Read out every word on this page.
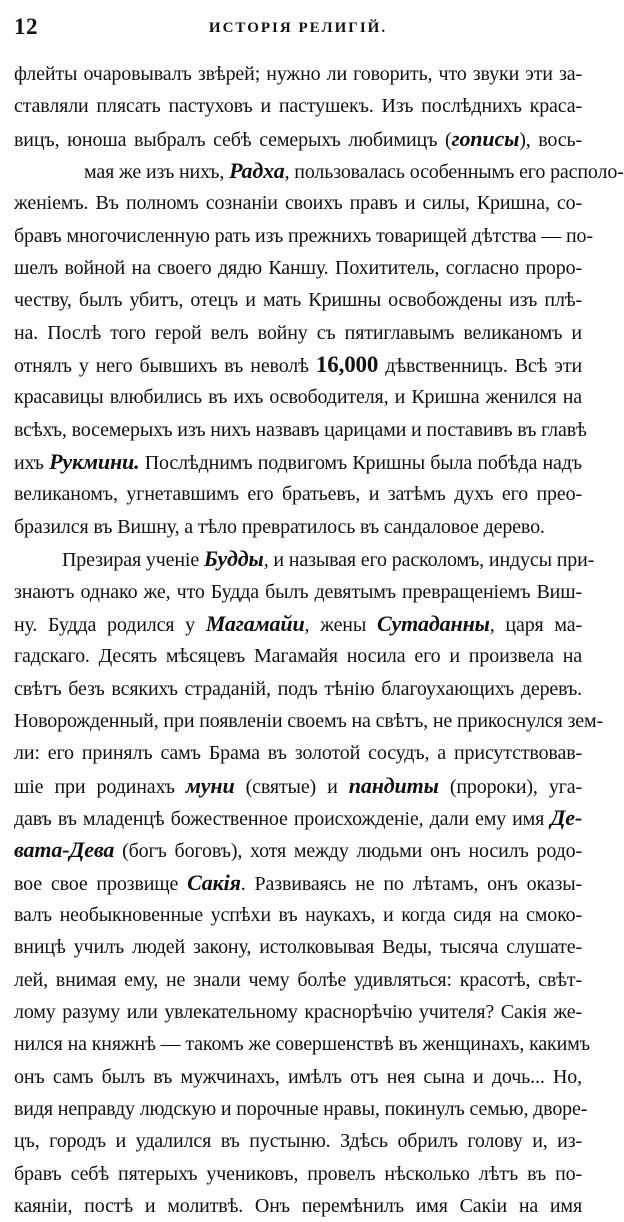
12	ИСТОРІЯ РЕЛИГІЙ.
флейты очаровывалъ звѣрей; нужно ли говорить, что звуки эти за-
ставляли плясать пастуховъ и пастушекъ. Изъ послѣднихъ краса-
вицъ, юноша выбралъ себѣ семерыхъ любимицъ (гописы), вось-
мая же изъ нихъ, Радха, пользовалась особеннымъ его располо-
женіемъ. Въ полномъ сознаніи своихъ правъ и силы, Кришна, со-
бравъ многочисленную рать изъ прежнихъ товарищей дѣтства — по-
шелъ войной на своего дядю Каншу. Похититель, согласно проро-
честву, былъ убитъ, отецъ и мать Кришны освобождены изъ плѣ-
на. Послѣ того герой велъ войну съ пятиглавымъ великаномъ и
отнялъ у него бывшихъ въ неволѣ 16,000 дѣвственницъ. Всѣ эти
красавицы влюбились въ ихъ освободителя, и Кришна женился на
всѣхъ, восемерыхъ изъ нихъ назвавъ царицами и поставивъ въ главѣ
ихъ Рукмини. Послѣднимъ подвигомъ Кришны была побѣда надъ
великаномъ, угнетавшимъ его братьевъ, и затѣмъ духъ его прео-
бразился въ Вишну, а тѣло превратилось въ сандаловое дерево.
Презирая ученіе Будды, и называя его расколомъ, индусы при-
знаютъ однако же, что Будда былъ девятымъ превращеніемъ Виш-
ну. Будда родился у Магамайи, жены Сутаданны, царя ма-
гадскаго. Десять мѣсяцевъ Магамайя носила его и произвела на
свѣтъ безъ всякихъ страданій, подъ тѣнію благоухающихъ деревъ.
Новорожденный, при появленіи своемъ на свѣтъ, не прикоснулся зем-
ли: его принялъ самъ Брама въ золотой сосудъ, а присутствовав-
шіе при родинахъ муни (святые) и пандиты (пророки), уга-
давъ въ младенцѣ божественное происхожденіе, дали ему имя Де-
вата-Дева (богъ боговъ), хотя между людьми онъ носилъ родо-
вое свое прозвище Сакія. Развиваясь не по лѣтамъ, онъ оказы-
валъ необыкновенные успѣхи въ наукахъ, и когда сидя на смоко-
вницѣ училъ людей закону, истолковывая Веды, тысяча слушате-
лей, внимая ему, не знали чему болѣе удивляться: красотѣ, свѣт-
лому разуму или увлекательному краснорѣчію учителя? Сакія же-
нился на княжнѣ — такомъ же совершенствѣ въ женщинахъ, какимъ
онъ самъ былъ въ мужчинахъ, имѣлъ отъ нея сына и дочь... Но,
видя неправду людскую и порочные нравы, покинулъ семью, дворе-
цъ, городъ и удалился въ пустыню. Здѣсь обрилъ голову и, из-
бравъ себѣ пятерыхъ учениковъ, провелъ нѣсколько лѣтъ въ по-
каяніи, постѣ и молитвѣ. Онъ перемѣнилъ имя Сакіи на имя
